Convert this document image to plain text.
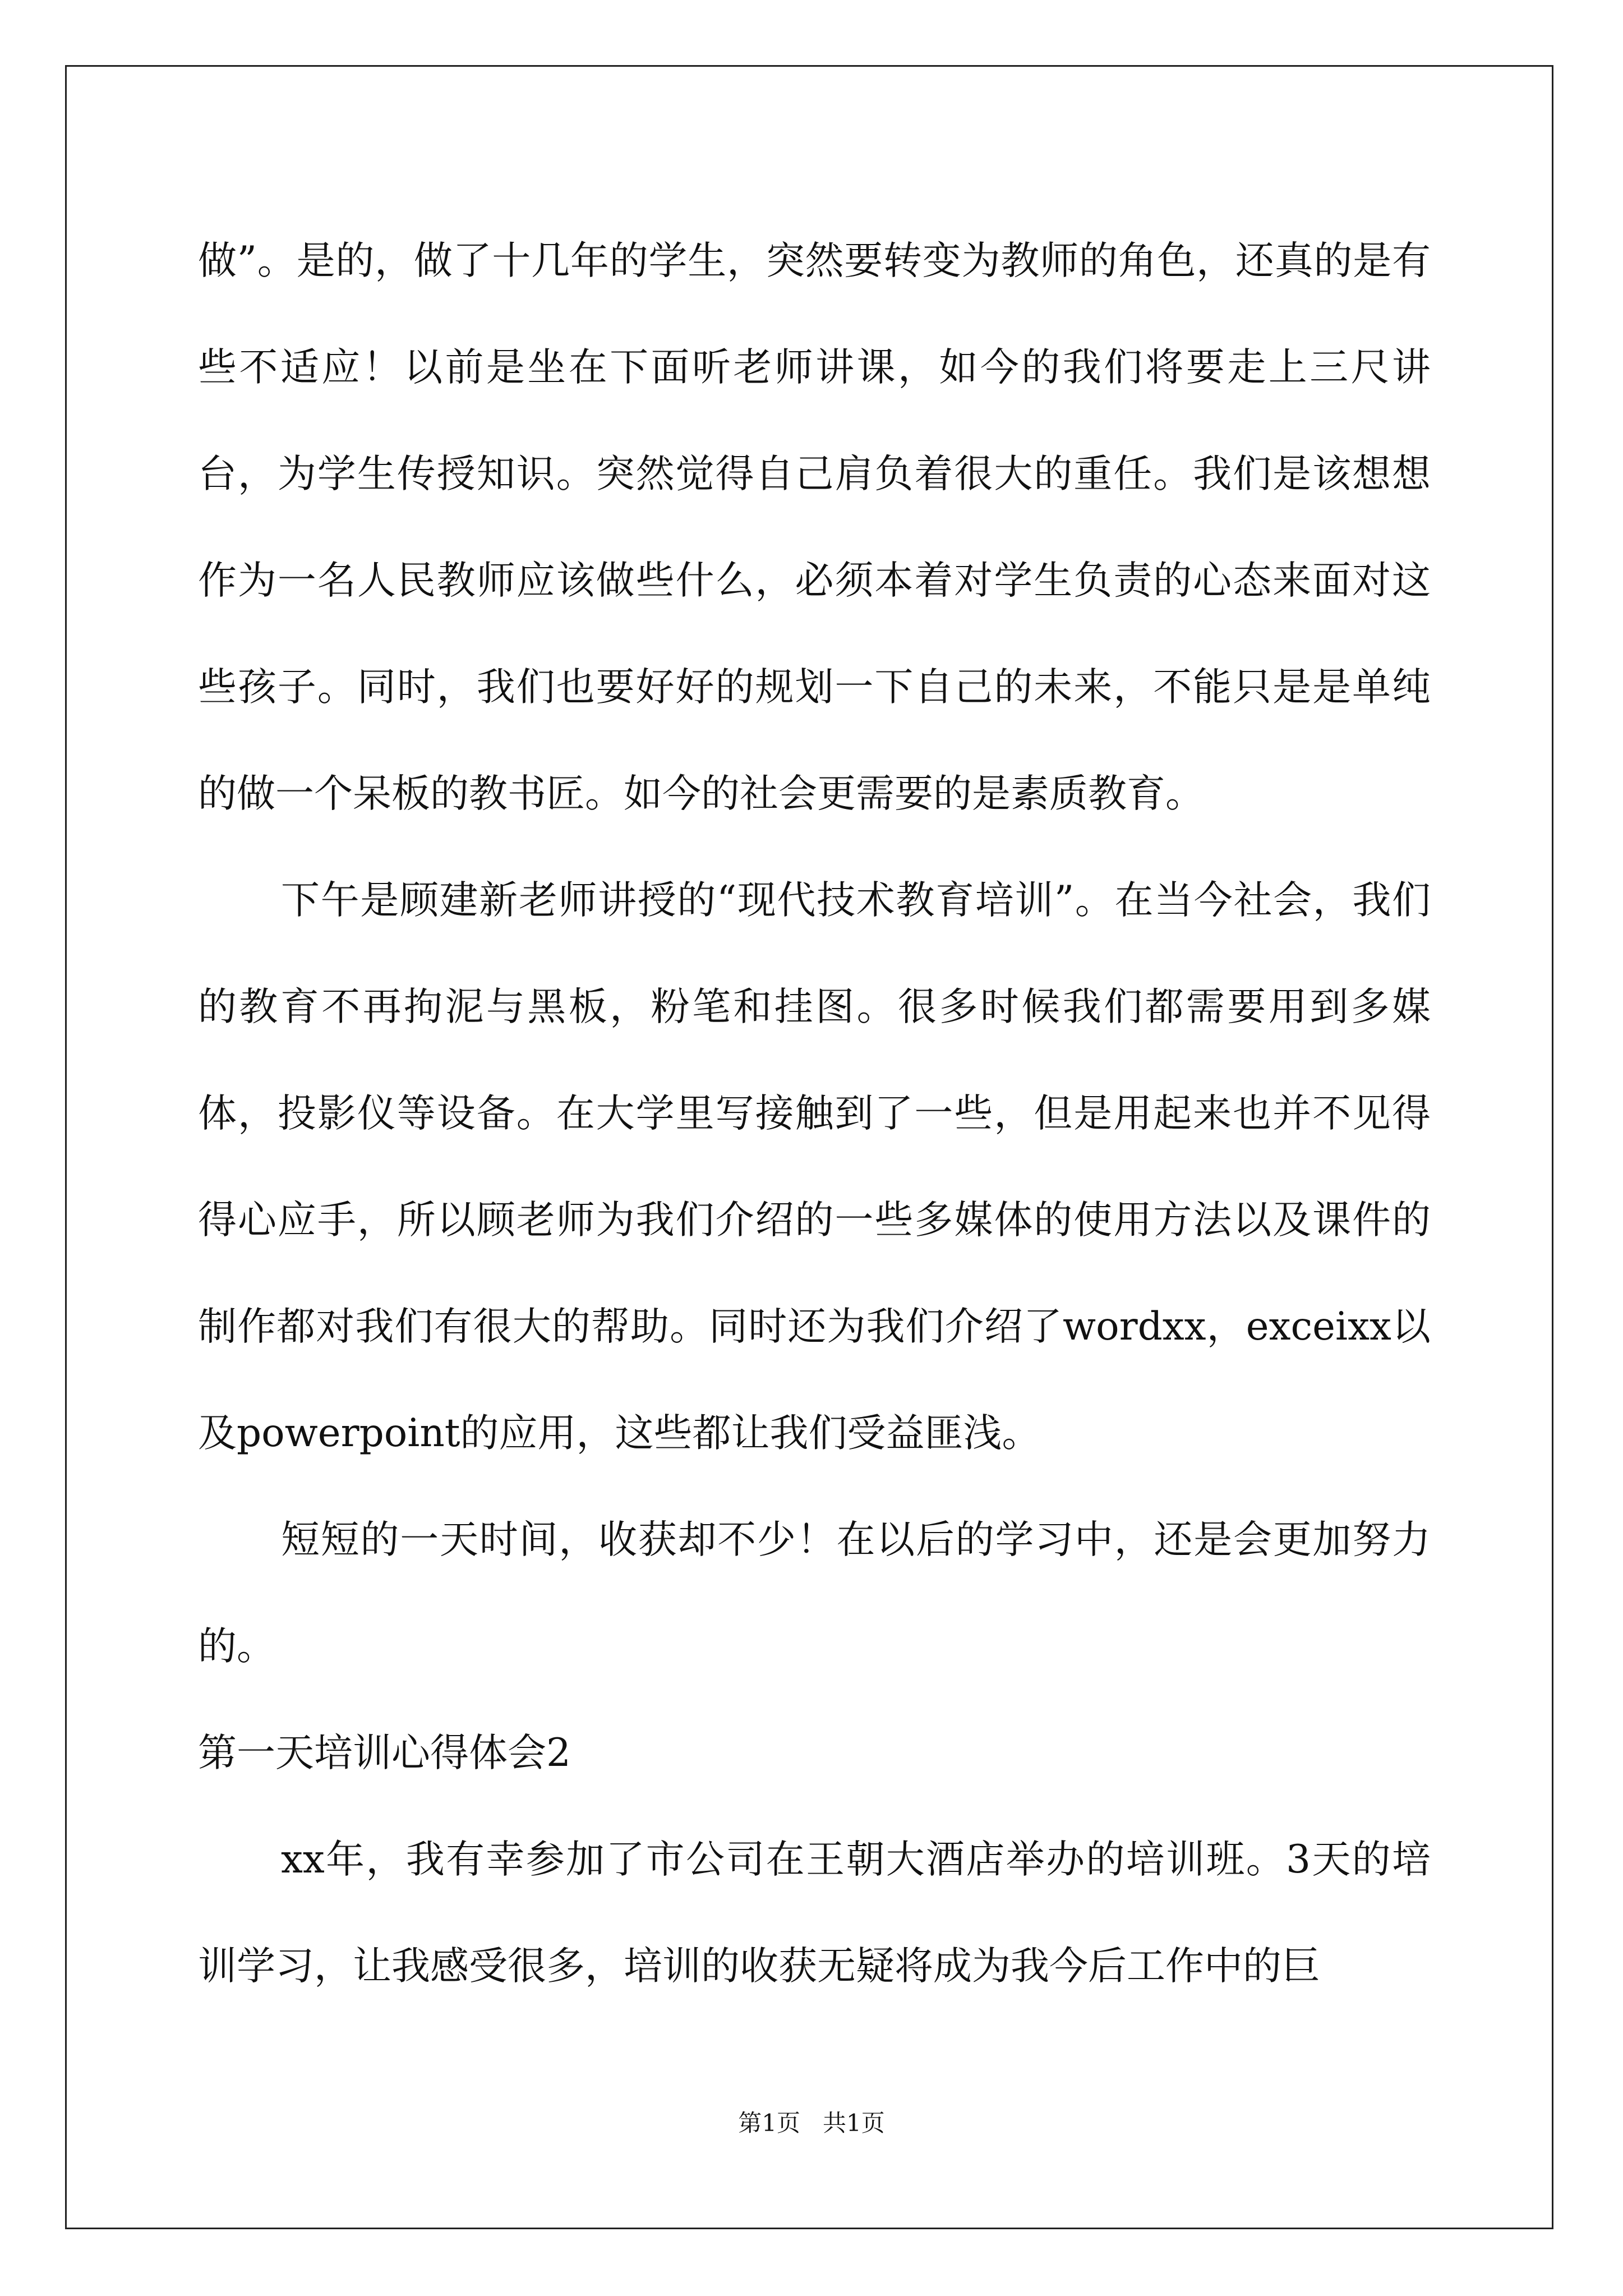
做”。是的，做了十几年的学生，突然要转变为教师的角色，还真的是有些不适应！以前是坐在下面听老师讲课，如今的我们将要走上三尺讲台，为学生传授知识。突然觉得自己肩负着很大的重任。我们是该想想作为一名人民教师应该做些什么，必须本着对学生负责的心态来面对这些孩子。同时，我们也要好好的规划一下自己的未来，不能只是是单纯的做一个呆板的教书匠。如今的社会更需要的是素质教育。

下午是顾建新老师讲授的“现代技术教育培训”。在当今社会，我们的教育不再拘泥与黑板，粉笔和挂图。很多时候我们都需要用到多媒体，投影仪等设备。在大学里写接触到了一些，但是用起来也并不见得得心应手，所以顾老师为我们介绍的一些多媒体的使用方法以及课件的制作都对我们有很大的帮助。同时还为我们介绍了wordxx，exceixx以及powerpoint的应用，这些都让我们受益匪浅。

短短的一天时间，收获却不少！在以后的学习中，还是会更加努力的。

第一天培训心得体会2

xx年，我有幸参加了市公司在王朝大酒店举办的培训班。3天的培训学习，让我感受很多，培训的收获无疑将成为我今后工作中的巨

第1页 共1页
